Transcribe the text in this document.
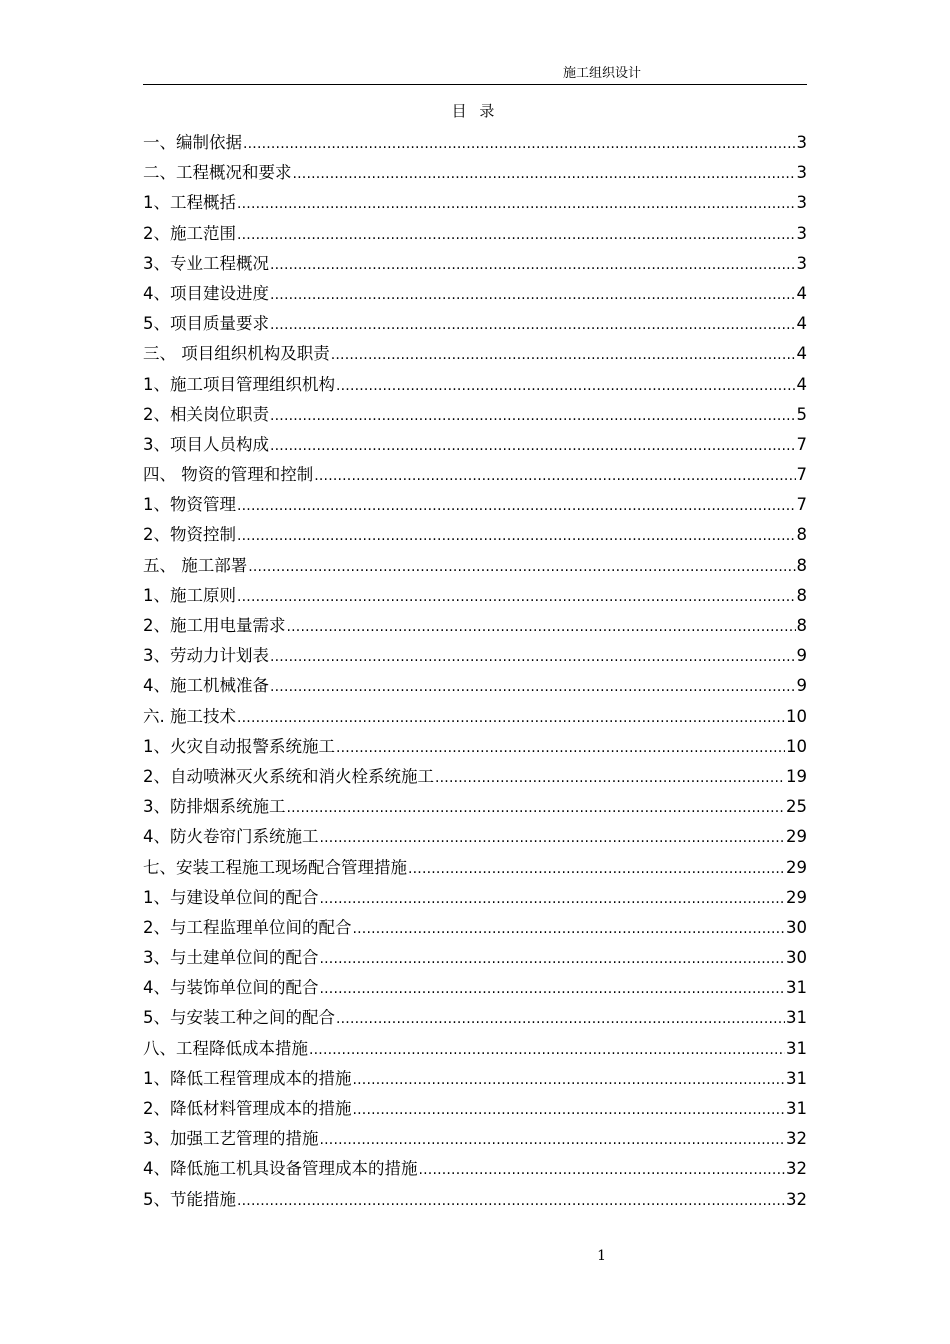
施工组织设计
目 录
一、编制依据 .....	3
二、工程概况和要求 .....	3
1、工程概括 .....	3
2、施工范围 .....	3
3、专业工程概况 .....	3
4、项目建设进度 .....	4
5、项目质量要求 .....	4
三、 项目组织机构及职责 .....	4
1、施工项目管理组织机构 .....	4
2、相关岗位职责 .....	5
3、项目人员构成 .....	7
四、 物资的管理和控制 .....	7
1、物资管理 .....	7
2、物资控制 .....	8
五、 施工部署 .....	8
1、施工原则 .....	8
2、施工用电量需求 .....	8
3、劳动力计划表 .....	9
4、施工机械准备 .....	9
六. 施工技术 .....	10
1、火灾自动报警系统施工 .....	10
2、自动喷淋灭火系统和消火栓系统施工 .....	19
3、防排烟系统施工 .....	25
4、防火卷帘门系统施工 .....	29
七、安装工程施工现场配合管理措施 .....	29
1、与建设单位间的配合 .....	29
2、与工程监理单位间的配合 .....	30
3、与土建单位间的配合 .....	30
4、与装饰单位间的配合 .....	31
5、与安装工种之间的配合 .....	31
八、工程降低成本措施 .....	31
1、降低工程管理成本的措施 .....	31
2、降低材料管理成本的措施 .....	31
3、加强工艺管理的措施 .....	32
4、降低施工机具设备管理成本的措施 .....	32
5、节能措施 .....	32
1
